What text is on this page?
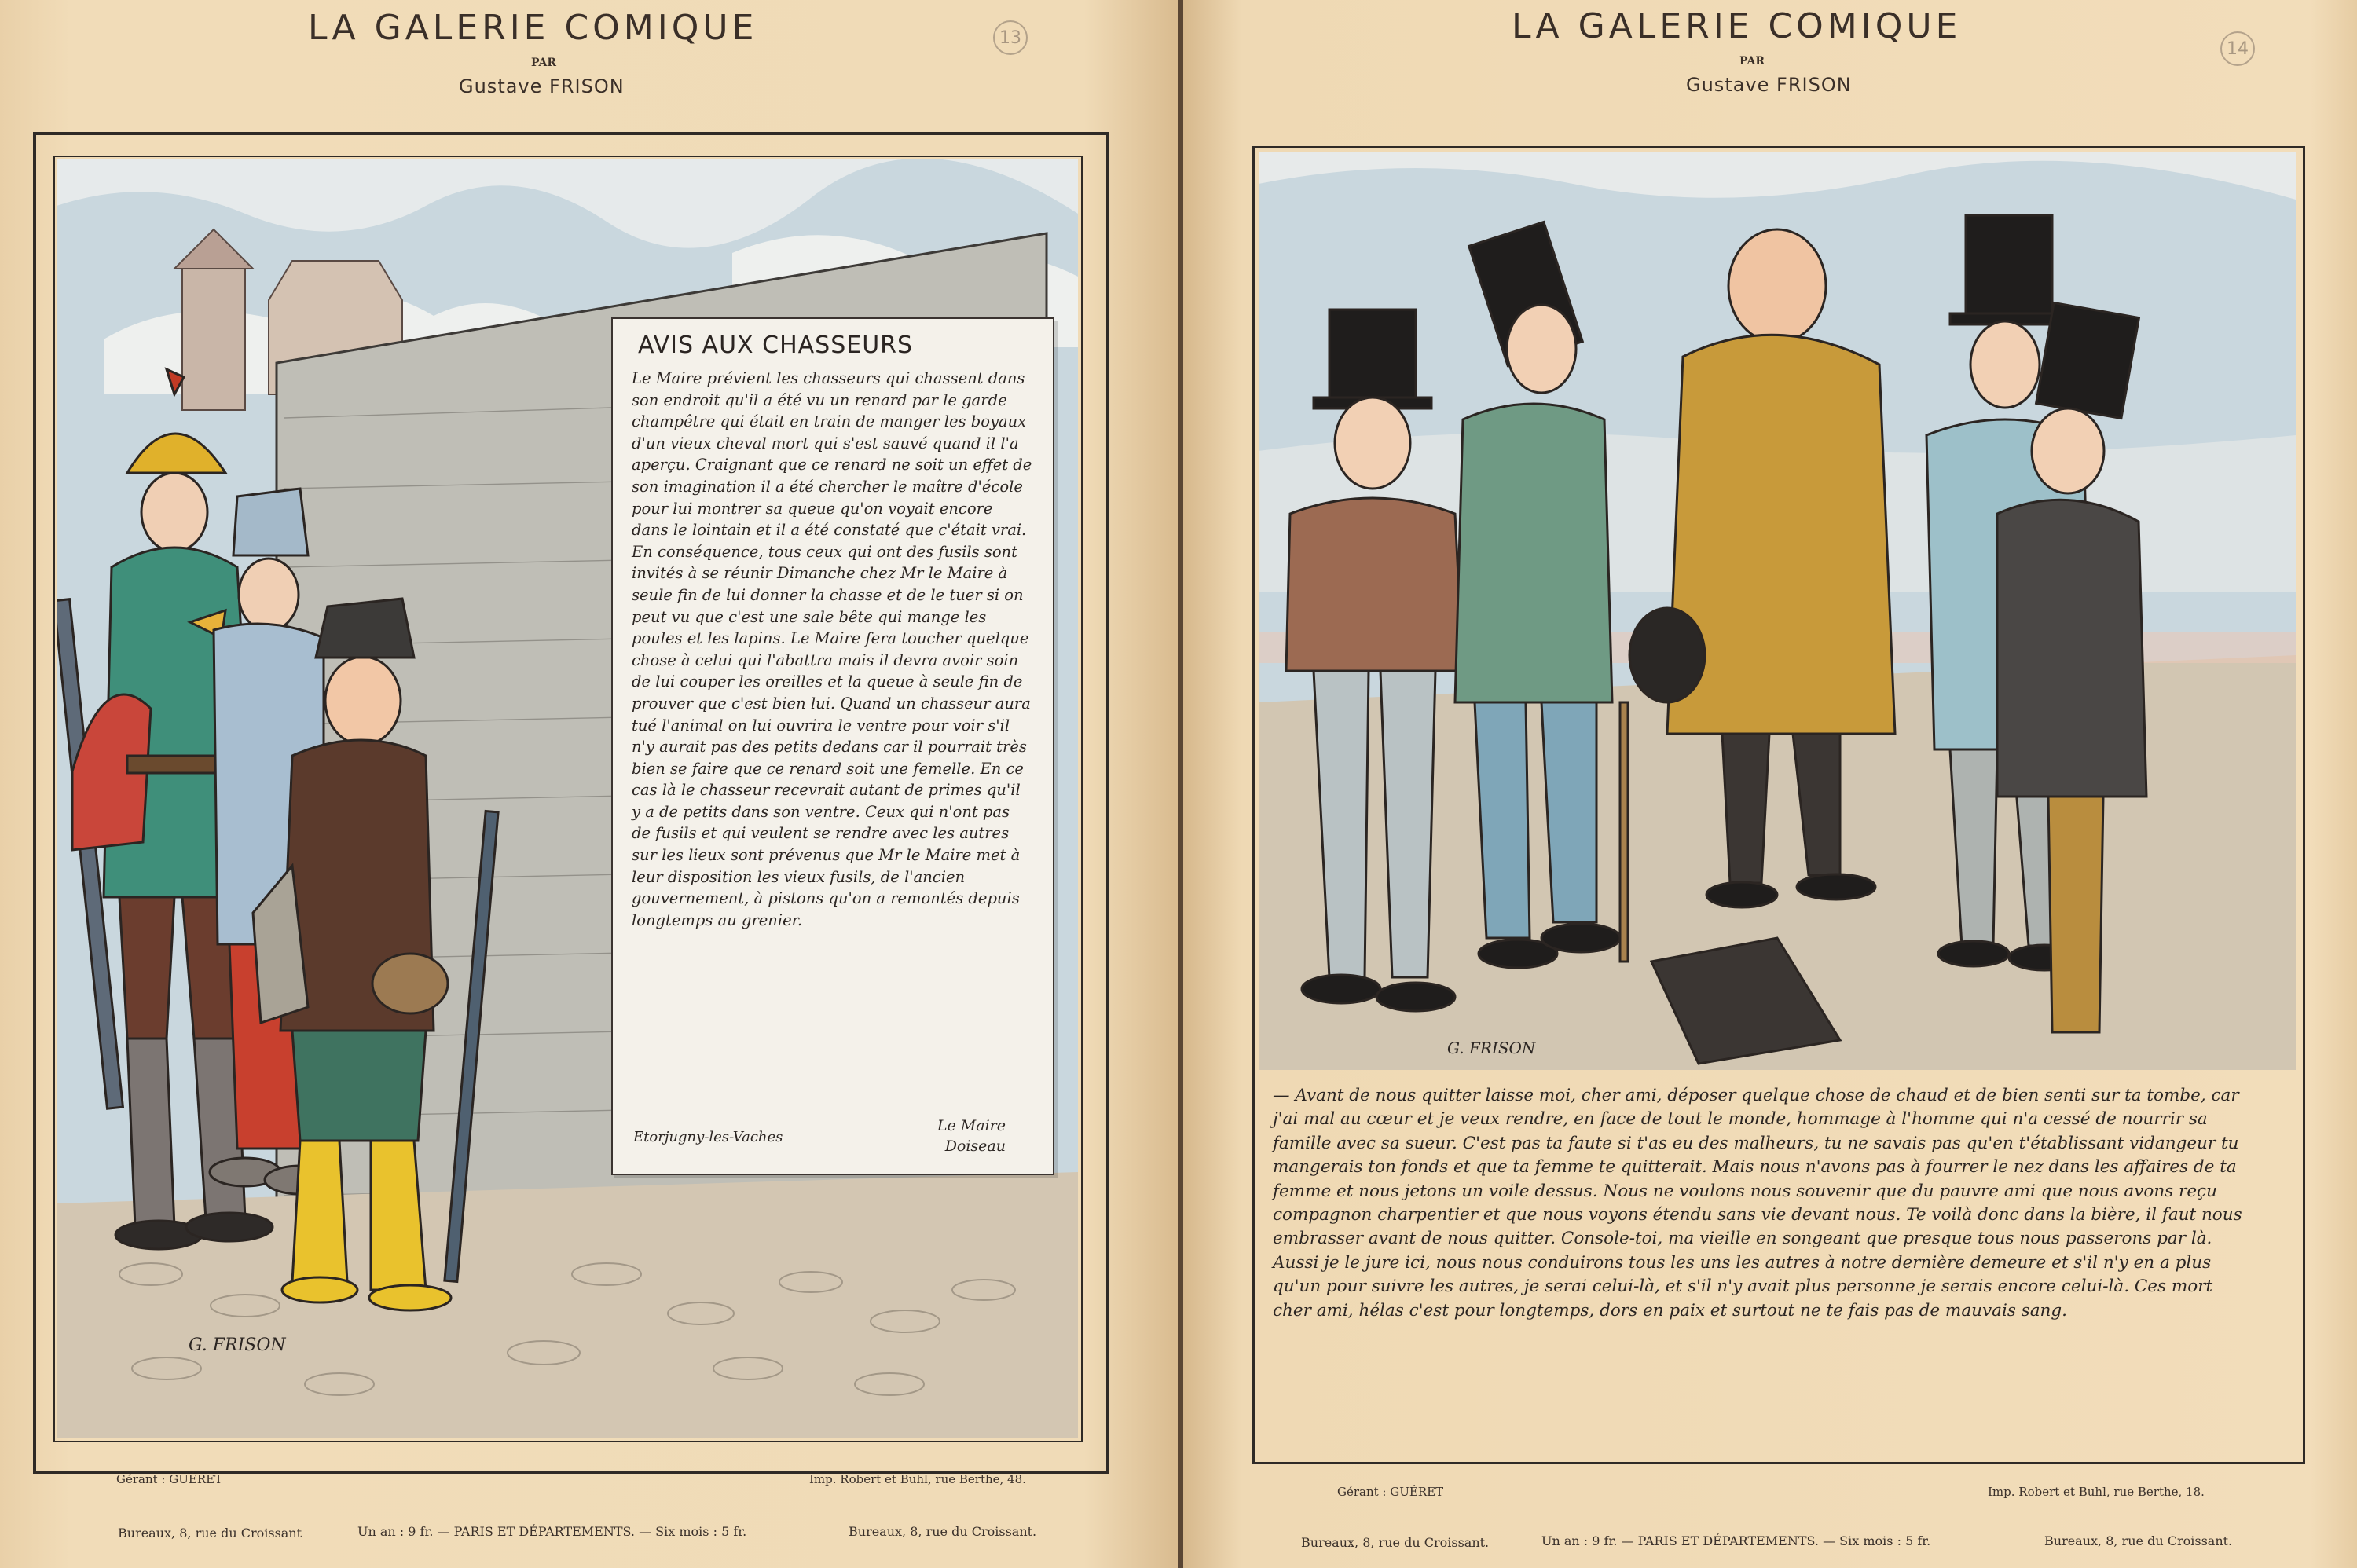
LA GALERIE COMIQUE
PAR
Gustave FRISON
13
AVIS AUX CHASSEURS
Le Maire prévient les chasseurs qui chassent dans son endroit qu'il a été vu un renard par le garde champêtre qui était en train de manger les boyaux d'un vieux cheval mort qui s'est sauvé quand il l'a aperçu. Craignant que ce renard ne soit un effet de son imagination il a été chercher le maître d'école pour lui montrer sa queue qu'on voyait encore dans le lointain et il a été constaté que c'était vrai. En conséquence, tous ceux qui ont des fusils sont invités à se réunir Dimanche chez Mr le Maire à seule fin de lui donner la chasse et de le tuer si on peut vu que c'est une sale bête qui mange les poules et les lapins. Le Maire fera toucher quelque chose à celui qui l'abattra mais il devra avoir soin de lui couper les oreilles et la queue à seule fin de prouver que c'est bien lui. Quand un chasseur aura tué l'animal on lui ouvrira le ventre pour voir s'il n'y aurait pas des petits dedans car il pourrait très bien se faire que ce renard soit une femelle. En ce cas là le chasseur recevrait autant de primes qu'il y a de petits dans son ventre. Ceux qui n'ont pas de fusils et qui veulent se rendre avec les autres sur les lieux sont prévenus que Mr le Maire met à leur disposition les vieux fusils, de l'ancien gouvernement, à pistons qu'on a remontés depuis longtemps au grenier.
Etorjugny-les-Vaches
Le Maire
Doiseau
G. FRISON
Gérant : GUÉRET	Imp. Robert et Buhl, rue Berthe, 48.
Bureaux, 8, rue du Croissant	Un an : 9 fr. — PARIS ET DÉPARTEMENTS. — Six mois : 5 fr.	Bureaux, 8, rue du Croissant.
LA GALERIE COMIQUE
PAR
Gustave FRISON
14
G. FRISON
— Avant de nous quitter laisse moi, cher ami, déposer quelque chose de chaud et de bien senti sur ta tombe, car j'ai mal au cœur et je veux rendre, en face de tout le monde, hommage à l'homme qui n'a cessé de nourrir sa famille avec sa sueur. C'est pas ta faute si t'as eu des malheurs, tu ne savais pas qu'en t'établissant vidangeur tu mangerais ton fonds et que ta femme te quitterait. Mais nous n'avons pas à fourrer le nez dans les affaires de ta femme et nous jetons un voile dessus. Nous ne voulons nous souvenir que du pauvre ami que nous avons reçu compagnon charpentier et que nous voyons étendu sans vie devant nous. Te voilà donc dans la bière, il faut nous embrasser avant de nous quitter. Console-toi, ma vieille en songeant que presque tous nous passerons par là. Aussi je le jure ici, nous nous conduirons tous les uns les autres à notre dernière demeure et s'il n'y en a plus qu'un pour suivre les autres, je serai celui-là, et s'il n'y avait plus personne je serais encore celui-là. Ces mort cher ami, hélas c'est pour longtemps, dors en paix et surtout ne te fais pas de mauvais sang.
Gérant : GUÉRET	Imp. Robert et Buhl, rue Berthe, 18.
Bureaux, 8, rue du Croissant.	Un an : 9 fr. — PARIS ET DÉPARTEMENTS. — Six mois : 5 fr.	Bureaux, 8, rue du Croissant.
